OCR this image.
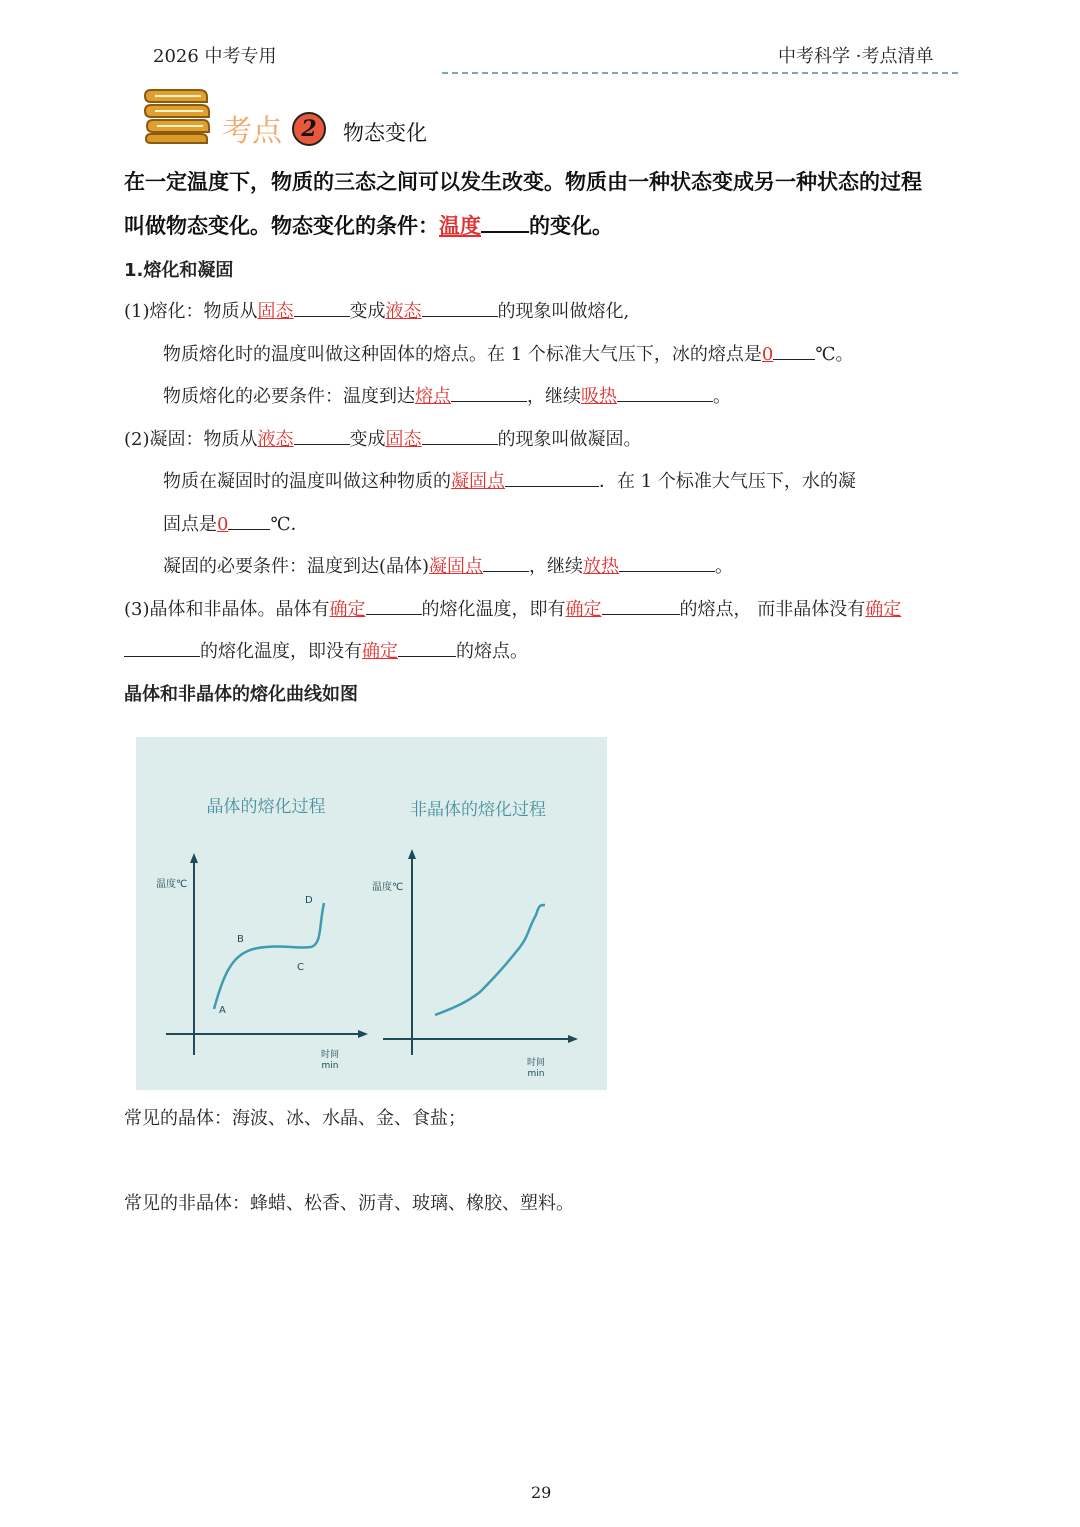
2026 中考专用	中考科学 ·考点清单
考点 2	物态变化
在一定温度下，物质的三态之间可以发生改变。物质由一种状态变成另一种状态的过程
叫做物态变化。物态变化的条件：温度 的变化。
1.熔化和凝固
(1)熔化：物质从固态	变成液态	的现象叫做熔化,
物质熔化时的温度叫做这种固体的熔点。在 1 个标准大气压下，冰的熔点是0 ℃。
物质熔化的必要条件：温度到达熔点	，继续吸热	。
(2)凝固：物质从液态	变成固态	的现象叫做凝固。
物质在凝固时的温度叫做这种物质的凝固点	．在 1 个标准大气压下，水的凝
固点是0 ℃．
凝固的必要条件：温度到达(晶体)凝固点	，继续放热	。
(3)晶体和非晶体。晶体有确定	的熔化温度，即有确定	的熔点， 而非晶体没有确定
的熔化温度，即没有确定	的熔点。
晶体和非晶体的熔化曲线如图
晶体的熔化过程
温度℃
时间
min
A
B
C
D
非晶体的熔化过程
温度℃
时间
min
常见的晶体：海波、冰、水晶、金、食盐；
常见的非晶体：蜂蜡、松香、沥青、玻璃、橡胶、塑料。
29
